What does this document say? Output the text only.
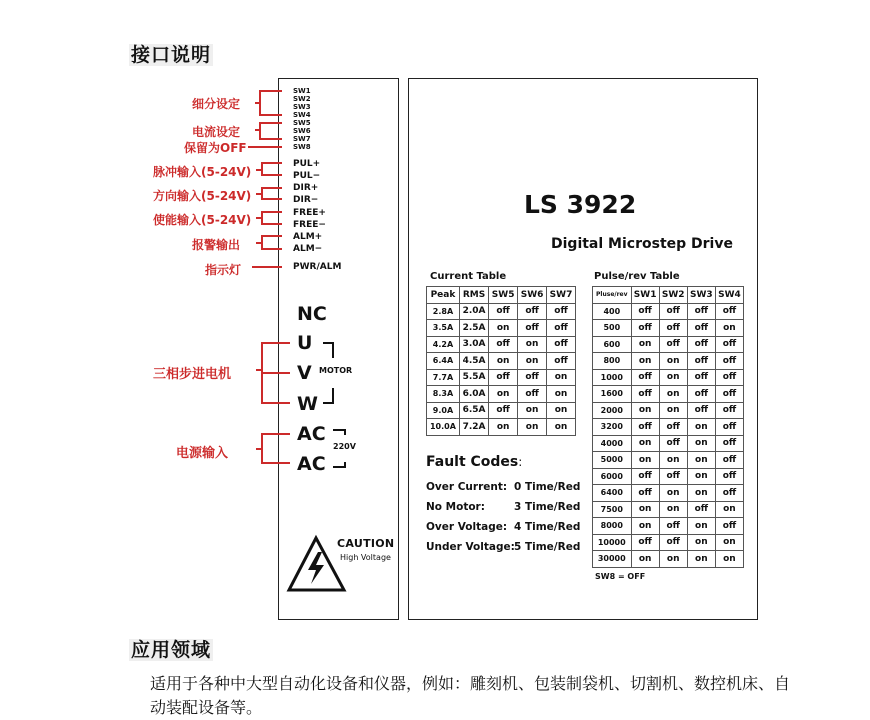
接口说明
应用领域
适用于各种中大型自动化设备和仪器，例如：雕刻机、包装制袋机、切割机、数控机床、自动装配设备等。
SW1
SW2
SW3
SW4
SW5
SW6
SW7
SW8
PUL+
PUL−
DIR+
DIR−
FREE+
FREE−
ALM+
ALM−
PWR/ALM
NC
U
V
W
MOTOR
AC
AC
220V
CAUTION
High Voltage
细分设定
电流设定
保留为OFF
脉冲输入(5-24V)
方向输入(5-24V)
使能输入(5-24V)
报警输出
指示灯
三相步进电机
电源输入
LS 3922
Digital Microstep Drive
Current Table
Peak	RMS	SW5	SW6	SW7
2.8A	2.0A	off	off	off
3.5A	2.5A	on	off	off
4.2A	3.0A	off	on	off
6.4A	4.5A	on	on	off
7.7A	5.5A	off	off	on
8.3A	6.0A	on	off	on
9.0A	6.5A	off	on	on
10.0A	7.2A	on	on	on
Pulse/rev Table
Pluse/rev	SW1	SW2	SW3	SW4
400	off	off	off	off
500	off	off	off	on
600	on	off	off	off
800	on	on	off	off
1000	off	on	off	off
1600	off	on	off	off
2000	on	on	off	off
3200	off	off	on	off
4000	on	off	on	off
5000	on	on	on	off
6000	off	off	on	off
6400	off	on	on	off
7500	on	on	off	on
8000	on	off	on	off
10000	off	off	on	on
30000	on	on	on	on
SW8 = OFF
Fault Codes:
Over Current: 0 Time/Red
No Motor:	3 Time/Red
Over Voltage: 4 Time/Red
Under Voltage: 5 Time/Red
